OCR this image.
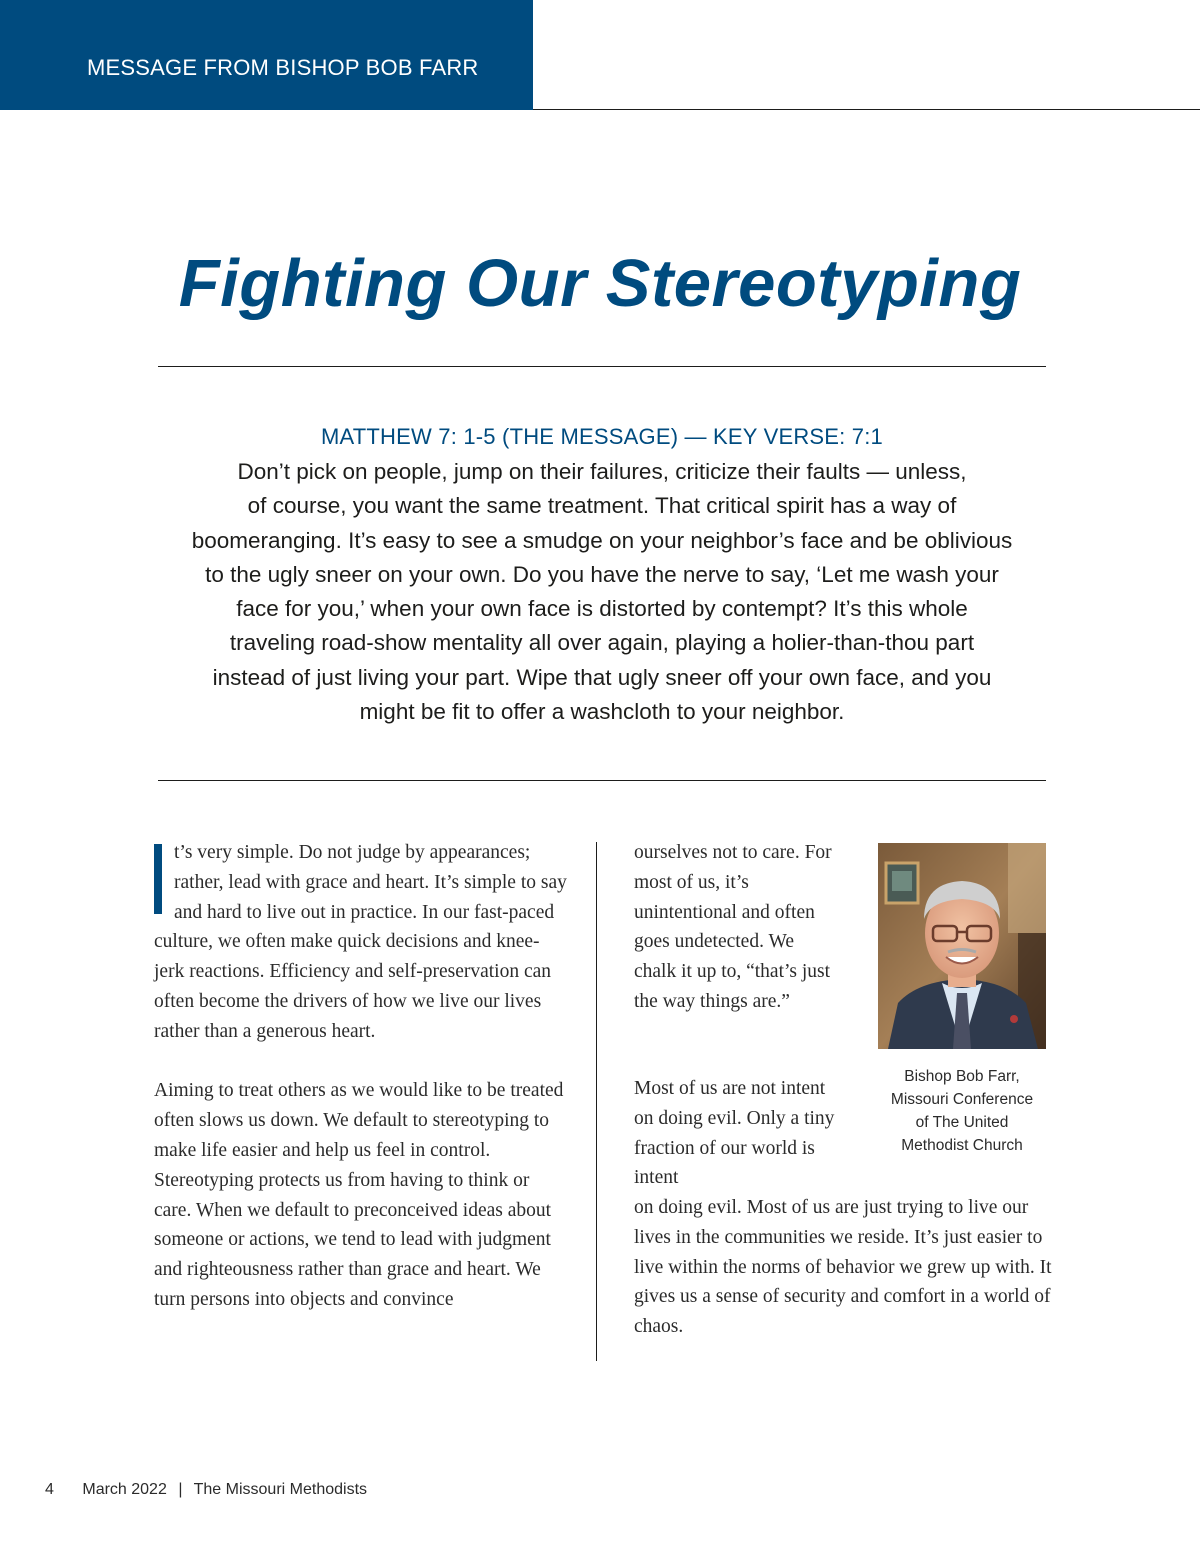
MESSAGE FROM BISHOP BOB FARR
Fighting Our Stereotyping
MATTHEW 7: 1-5 (THE MESSAGE) — KEY VERSE: 7:1
Don’t pick on people, jump on their failures, criticize their faults — unless,
of course, you want the same treatment. That critical spirit has a way of
boomeranging. It’s easy to see a smudge on your neighbor’s face and be oblivious
to the ugly sneer on your own. Do you have the nerve to say, ‘Let me wash your
face for you,’ when your own face is distorted by contempt? It’s this whole
traveling road-show mentality all over again, playing a holier-than-thou part
instead of just living your part. Wipe that ugly sneer off your own face, and you
might be fit to offer a washcloth to your neighbor.

t’s very simple. Do not judge by appearances; rather, lead with grace and heart. It’s simple to say and hard to live out in practice. In our fast-paced culture, we often make quick decisions and knee-jerk reactions. Efficiency and self-preservation can often become the drivers of how we live our lives rather than a generous heart.

Aiming to treat others as we would like to be treated often slows us down. We default to stereotyping to make life easier and help us feel in control. Stereotyping protects us from having to think or care. When we default to preconceived ideas about someone or actions, we tend to lead with judgment and righteousness rather than grace and heart. We turn persons into objects and convince

ourselves not to care. For most of us, it’s unintentional and often goes undetected. We chalk it up to, “that’s just the way things are.”

Most of us are not intent on doing evil. Only a tiny fraction of our world is intent

on doing evil. Most of us are just trying to live our lives in the communities we reside. It’s just easier to live within the norms of behavior we grew up with. It gives us a sense of security and comfort in a world of chaos.

Bishop Bob Farr,
Missouri Conference
of The United
Methodist Church
4 March 2022 | The Missouri Methodists
